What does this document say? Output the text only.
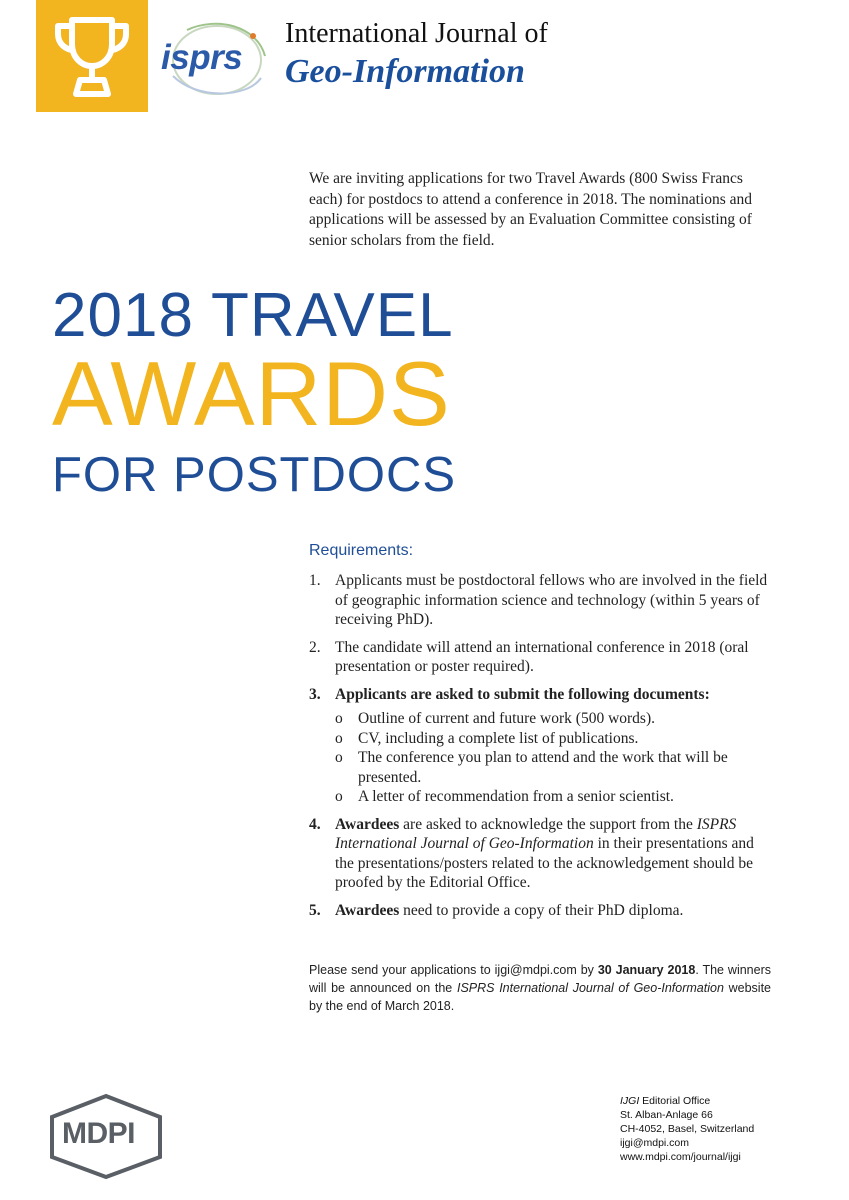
isprs
International Journal of
Geo-Information

We are inviting applications for two Travel Awards (800 Swiss Francs each) for postdocs to attend a conference in 2018. The nominations and applications will be assessed by an Evaluation Committee consisting of senior scholars from the field.

2018 TRAVEL
AWARDS
FOR POSTDOCS
Requirements:
1. Applicants must be postdoctoral fellows who are involved in the field of geographic information science and technology (within 5 years of receiving PhD).
2. The candidate will attend an international conference in 2018 (oral presentation or poster required).
3. Applicants are asked to submit the following documents:
o Outline of current and future work (500 words).
o CV, including a complete list of publications.
o The conference you plan to attend and the work that will be presented.
o A letter of recommendation from a senior scientist.
4. Awardees are asked to acknowledge the support from the ISPRS International Journal of Geo-Information in their presentations and the presentations/posters related to the acknowledgement should be proofed by the Editorial Office.
5. Awardees need to provide a copy of their PhD diploma.

Please send your applications to ijgi@mdpi.com by 30 January 2018. The winners will be announced on the ISPRS International Journal of Geo-Information website by the end of March 2018.

MDPI
IJGI Editorial Office
St. Alban-Anlage 66
CH-4052, Basel, Switzerland
ijgi@mdpi.com
www.mdpi.com/journal/ijgi
